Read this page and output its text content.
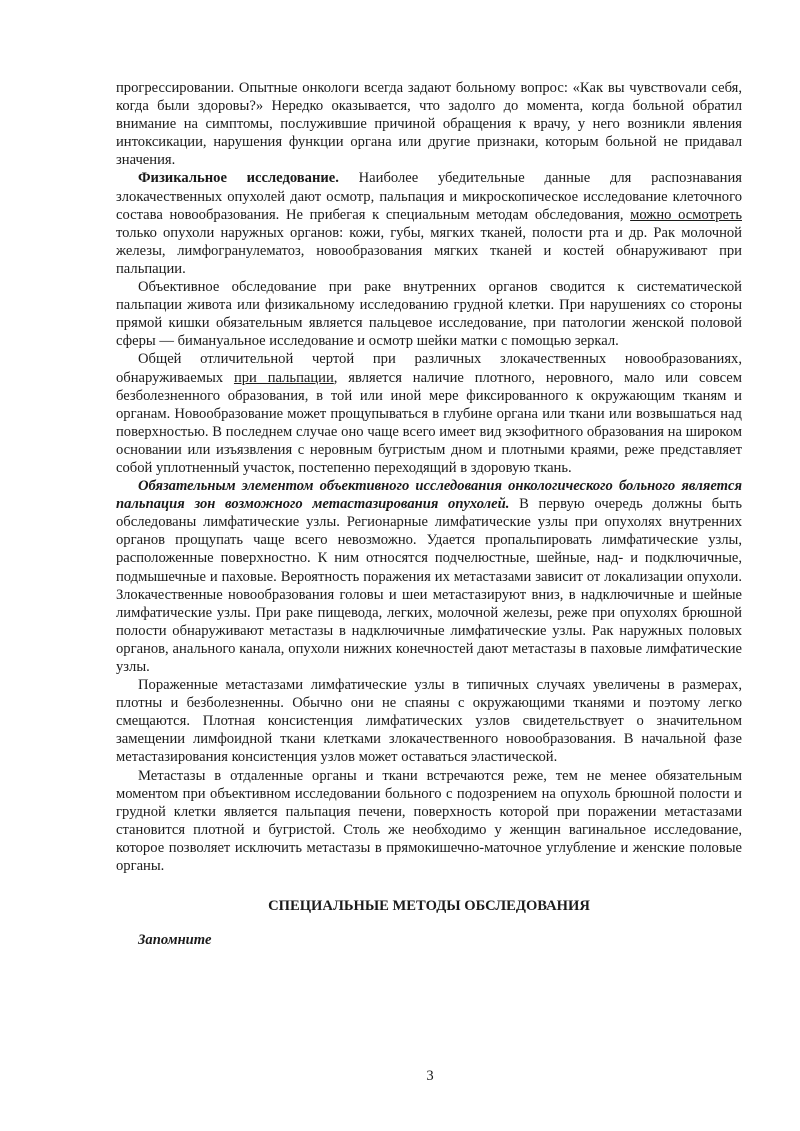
прогрессировании. Опытные онкологи всегда задают больному вопрос: «Как вы чувствоvали себя, когда были здоровы?» Нередко оказывается, что задолго до момента, когда больной обратил внимание на симптомы, послужившие причиной обращения к врачу, у него возникли явления интоксикации, нарушения функции органа или другие признаки, которым больной не придавал значения.

Физикальное исследование. Наиболее убедительные данные для распознавания злокачественных опухолей дают осмотр, пальпация и микроскопическое исследование клеточного состава новообразования. Не прибегая к специальным методам обследования, можно осмотреть только опухоли наружных органов: кожи, губы, мягких тканей, полости рта и др. Рак молочной железы, лимфогранулематоз, новообразования мягких тканей и костей обнаруживают при пальпации.

Объективное обследование при раке внутренних органов сводится к систематической пальпации живота или физикальному исследованию грудной клетки. При нарушениях со стороны прямой кишки обязательным является пальцевое исследование, при патологии женской половой сферы — бимануальное исследование и осмотр шейки матки с помощью зеркал.

Общей отличительной чертой при различных злокачественных новообразованиях, обнаруживаемых при пальпации, является наличие плотного, неровного, мало или совсем безболезненного образования, в той или иной мере фиксированного к окружающим тканям и органам. Новообразование может прощупываться в глубине органа или ткани или возвышаться над поверхностью. В последнем случае оно чаще всего имеет вид экзофитного образования на широком основании или изъязвления с неровным бугристым дном и плотными краями, реже представляет собой уплотненный участок, постепенно переходящий в здоровую ткань.

Обязательным элементом объективного исследования онкологического больного является пальпация зон возможного метастазирования опухолей. В первую очередь должны быть обследованы лимфатические узлы. Регионарные лимфатические узлы при опухолях внутренних органов прощупать чаще всего невозможно. Удается пропальпировать лимфатические узлы, расположенные поверхностно. К ним относятся подчелюстные, шейные, над- и подключичные, подмышечные и паховые. Вероятность поражения их метастазами зависит от локализации опухоли. Злокачественные новообразования головы и шеи метастазируют вниз, в надключичные и шейные лимфатические узлы. При раке пищевода, легких, молочной железы, реже при опухолях брюшной полости обнаруживают метастазы в надключичные лимфатические узлы. Рак наружных половых органов, анального канала, опухоли нижних конечностей дают метастазы в паховые лимфатические узлы.

Пораженные метастазами лимфатические узлы в типичных случаях увеличены в размерах, плотны и безболезненны. Обычно они не спаяны с окружающими тканями и поэтому легко смещаются. Плотная консистенция лимфатических узлов свидетельствует о значительном замещении лимфоидной ткани клетками злокачественного новообразования. В начальной фазе метастазирования консистенция узлов может оставаться эластической.

Метастазы в отдаленные органы и ткани встречаются реже, тем не менее обязательным моментом при объективном исследовании больного с подозрением на опухоль брюшной полости и грудной клетки является пальпация печени, поверхность которой при поражении метастазами становится плотной и бугристой. Столь же необходимо у женщин вагинальное исследование, которое позволяет исключить метастазы в прямокишечно-маточное углубление и женские половые органы.

СПЕЦИАЛЬНЫЕ МЕТОДЫ ОБСЛЕДОВАНИЯ

Запомните

3
